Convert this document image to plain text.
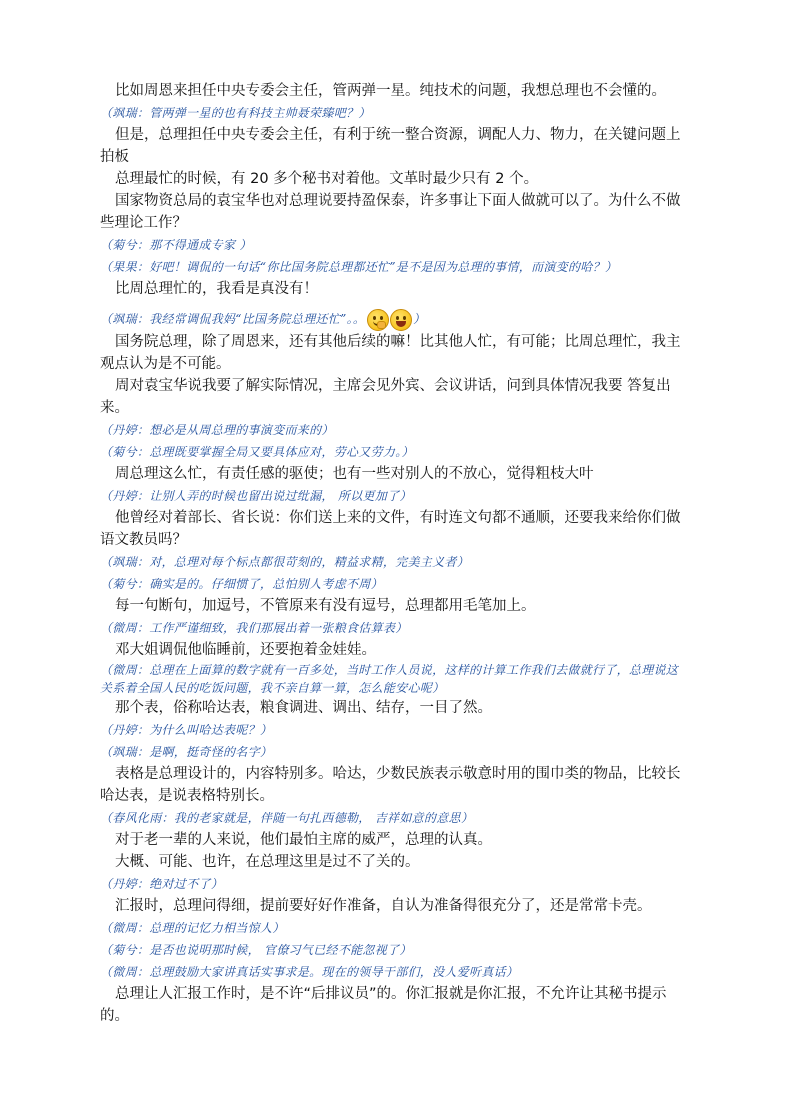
比如周恩来担任中央专委会主任，管两弹一星。纯技术的问题，我想总理也不会懂的。

（飒瑞：管两弹一星的也有科技主帅聂荣臻吧？）

但是，总理担任中央专委会主任，有利于统一整合资源，调配人力、物力，在关键问题上拍板

总理最忙的时候，有 20 多个秘书对着他。文革时最少只有 2 个。

国家物资总局的袁宝华也对总理说要持盈保泰，许多事让下面人做就可以了。为什么不做些理论工作？

（菊兮：那不得通成专家 ）

（果果：好吧！调侃的一句话“你比国务院总理都还忙”是不是因为总理的事情，而演变的哈？）

比周总理忙的，我看是真没有！

（飒瑞：我经常调侃我妈“比国务院总理还忙”。。	）

国务院总理，除了周恩来，还有其他后续的嘛！比其他人忙，有可能；比周总理忙，我主观点认为是不可能。

周对袁宝华说我要了解实际情况，主席会见外宾、会议讲话，问到具体情况我要 答复出来。

（丹婷：想必是从周总理的事演变而来的）

（菊兮：总理既要掌握全局又要具体应对，劳心又劳力。）

周总理这么忙，有责任感的驱使；也有一些对别人的不放心，觉得粗枝大叶

（丹婷：让别人弄的时候也留出说过纰漏， 所以更加了）

他曾经对着部长、省长说：你们送上来的文件，有时连文句都不通顺，还要我来给你们做语文教员吗？

（飒瑞：对，总理对每个标点都很苛刻的，精益求精，完美主义者）

（菊兮：确实是的。仔细惯了，总怕别人考虑不周）

每一句断句，加逗号，不管原来有没有逗号，总理都用毛笔加上。

（微周：工作严谨细致，我们那展出着一张粮食估算表）

邓大姐调侃他临睡前，还要抱着金娃娃。

（微周：总理在上面算的数字就有一百多处，当时工作人员说，这样的计算工作我们去做就行了，总理说这关系着全国人民的吃饭问题，我不亲自算一算，怎么能安心呢）

那个表，俗称哈达表，粮食调进、调出、结存，一目了然。

（丹婷：为什么叫哈达表呢？）

（飒瑞：是啊，挺奇怪的名字）

表格是总理设计的，内容特别多。哈达，少数民族表示敬意时用的围巾类的物品，比较长哈达表，是说表格特别长。

（春风化雨：我的老家就是，伴随一句扎西德勒， 吉祥如意的意思）

对于老一辈的人来说，他们最怕主席的威严，总理的认真。

大概、可能、也许，在总理这里是过不了关的。

（丹婷：绝对过不了）

汇报时，总理问得细，提前要好好作准备，自认为准备得很充分了，还是常常卡壳。

（微周：总理的记忆力相当惊人）

（菊兮：是否也说明那时候， 官僚习气已经不能忽视了）

（微周：总理鼓励大家讲真话实事求是。现在的领导干部们，没人爱听真话）

总理让人汇报工作时，是不许“后排议员”的。你汇报就是你汇报，不允许让其秘书提示的。
